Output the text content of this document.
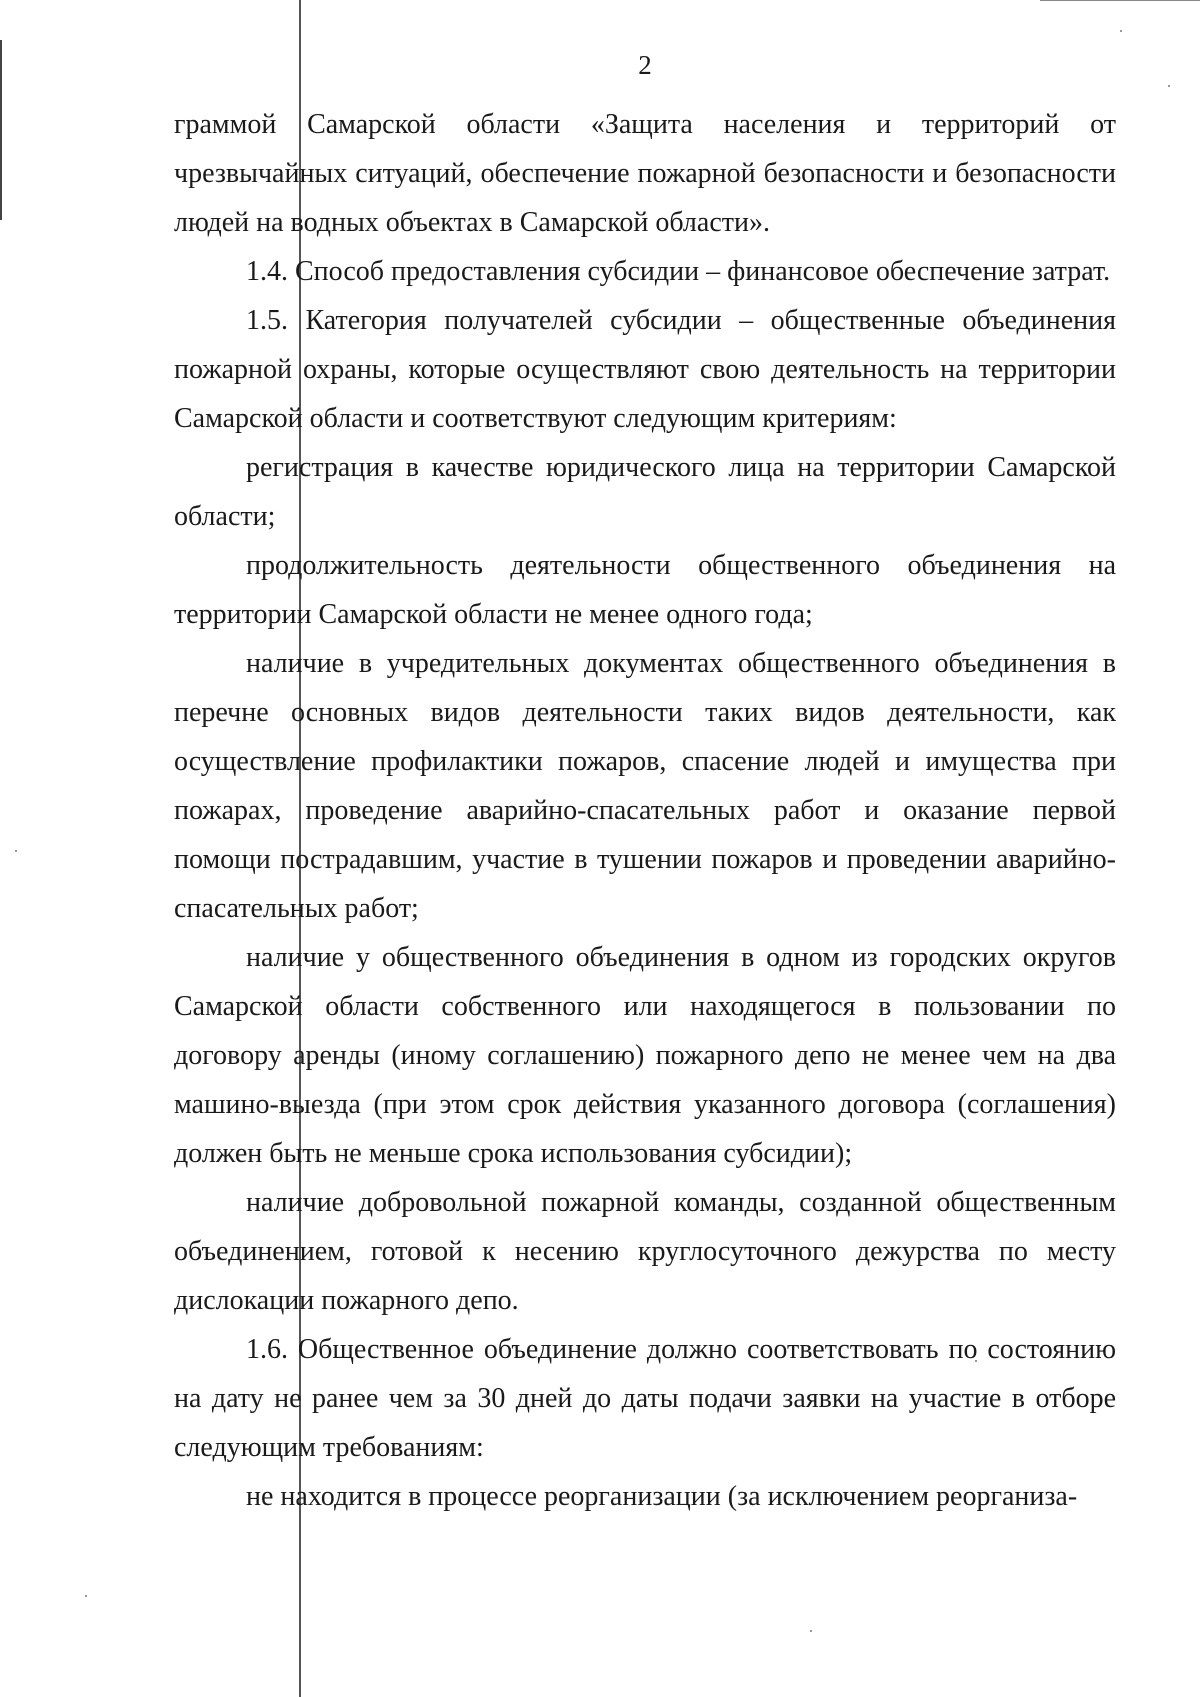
2

граммой Самарской области «Защита населения и территорий от чрезвычайных ситуаций, обеспечение пожарной безопасности и безопасности людей на водных объектах в Самарской области».

1.4. Способ предоставления субсидии – финансовое обеспечение затрат.

1.5. Категория получателей субсидии – общественные объединения пожарной охраны, которые осуществляют свою деятельность на территории Самарской области и соответствуют следующим критериям:

регистрация в качестве юридического лица на территории Самарской области;

продолжительность деятельности общественного объединения на территории Самарской области не менее одного года;

наличие в учредительных документах общественного объединения в перечне основных видов деятельности таких видов деятельности, как осуществление профилактики пожаров, спасение людей и имущества при пожарах, проведение аварийно-спасательных работ и оказание первой помощи пострадавшим, участие в тушении пожаров и проведении аварийно-спасательных работ;

наличие у общественного объединения в одном из городских округов Самарской области собственного или находящегося в пользовании по договору аренды (иному соглашению) пожарного депо не менее чем на два машино-выезда (при этом срок действия указанного договора (соглашения) должен быть не меньше срока использования субсидии);

наличие добровольной пожарной команды, созданной общественным объединением, готовой к несению круглосуточного дежурства по месту дислокации пожарного депо.

1.6. Общественное объединение должно соответствовать по состоянию на дату не ранее чем за 30 дней до даты подачи заявки на участие в отборе следующим требованиям:

не находится в процессе реорганизации (за исключением реорганиза-
